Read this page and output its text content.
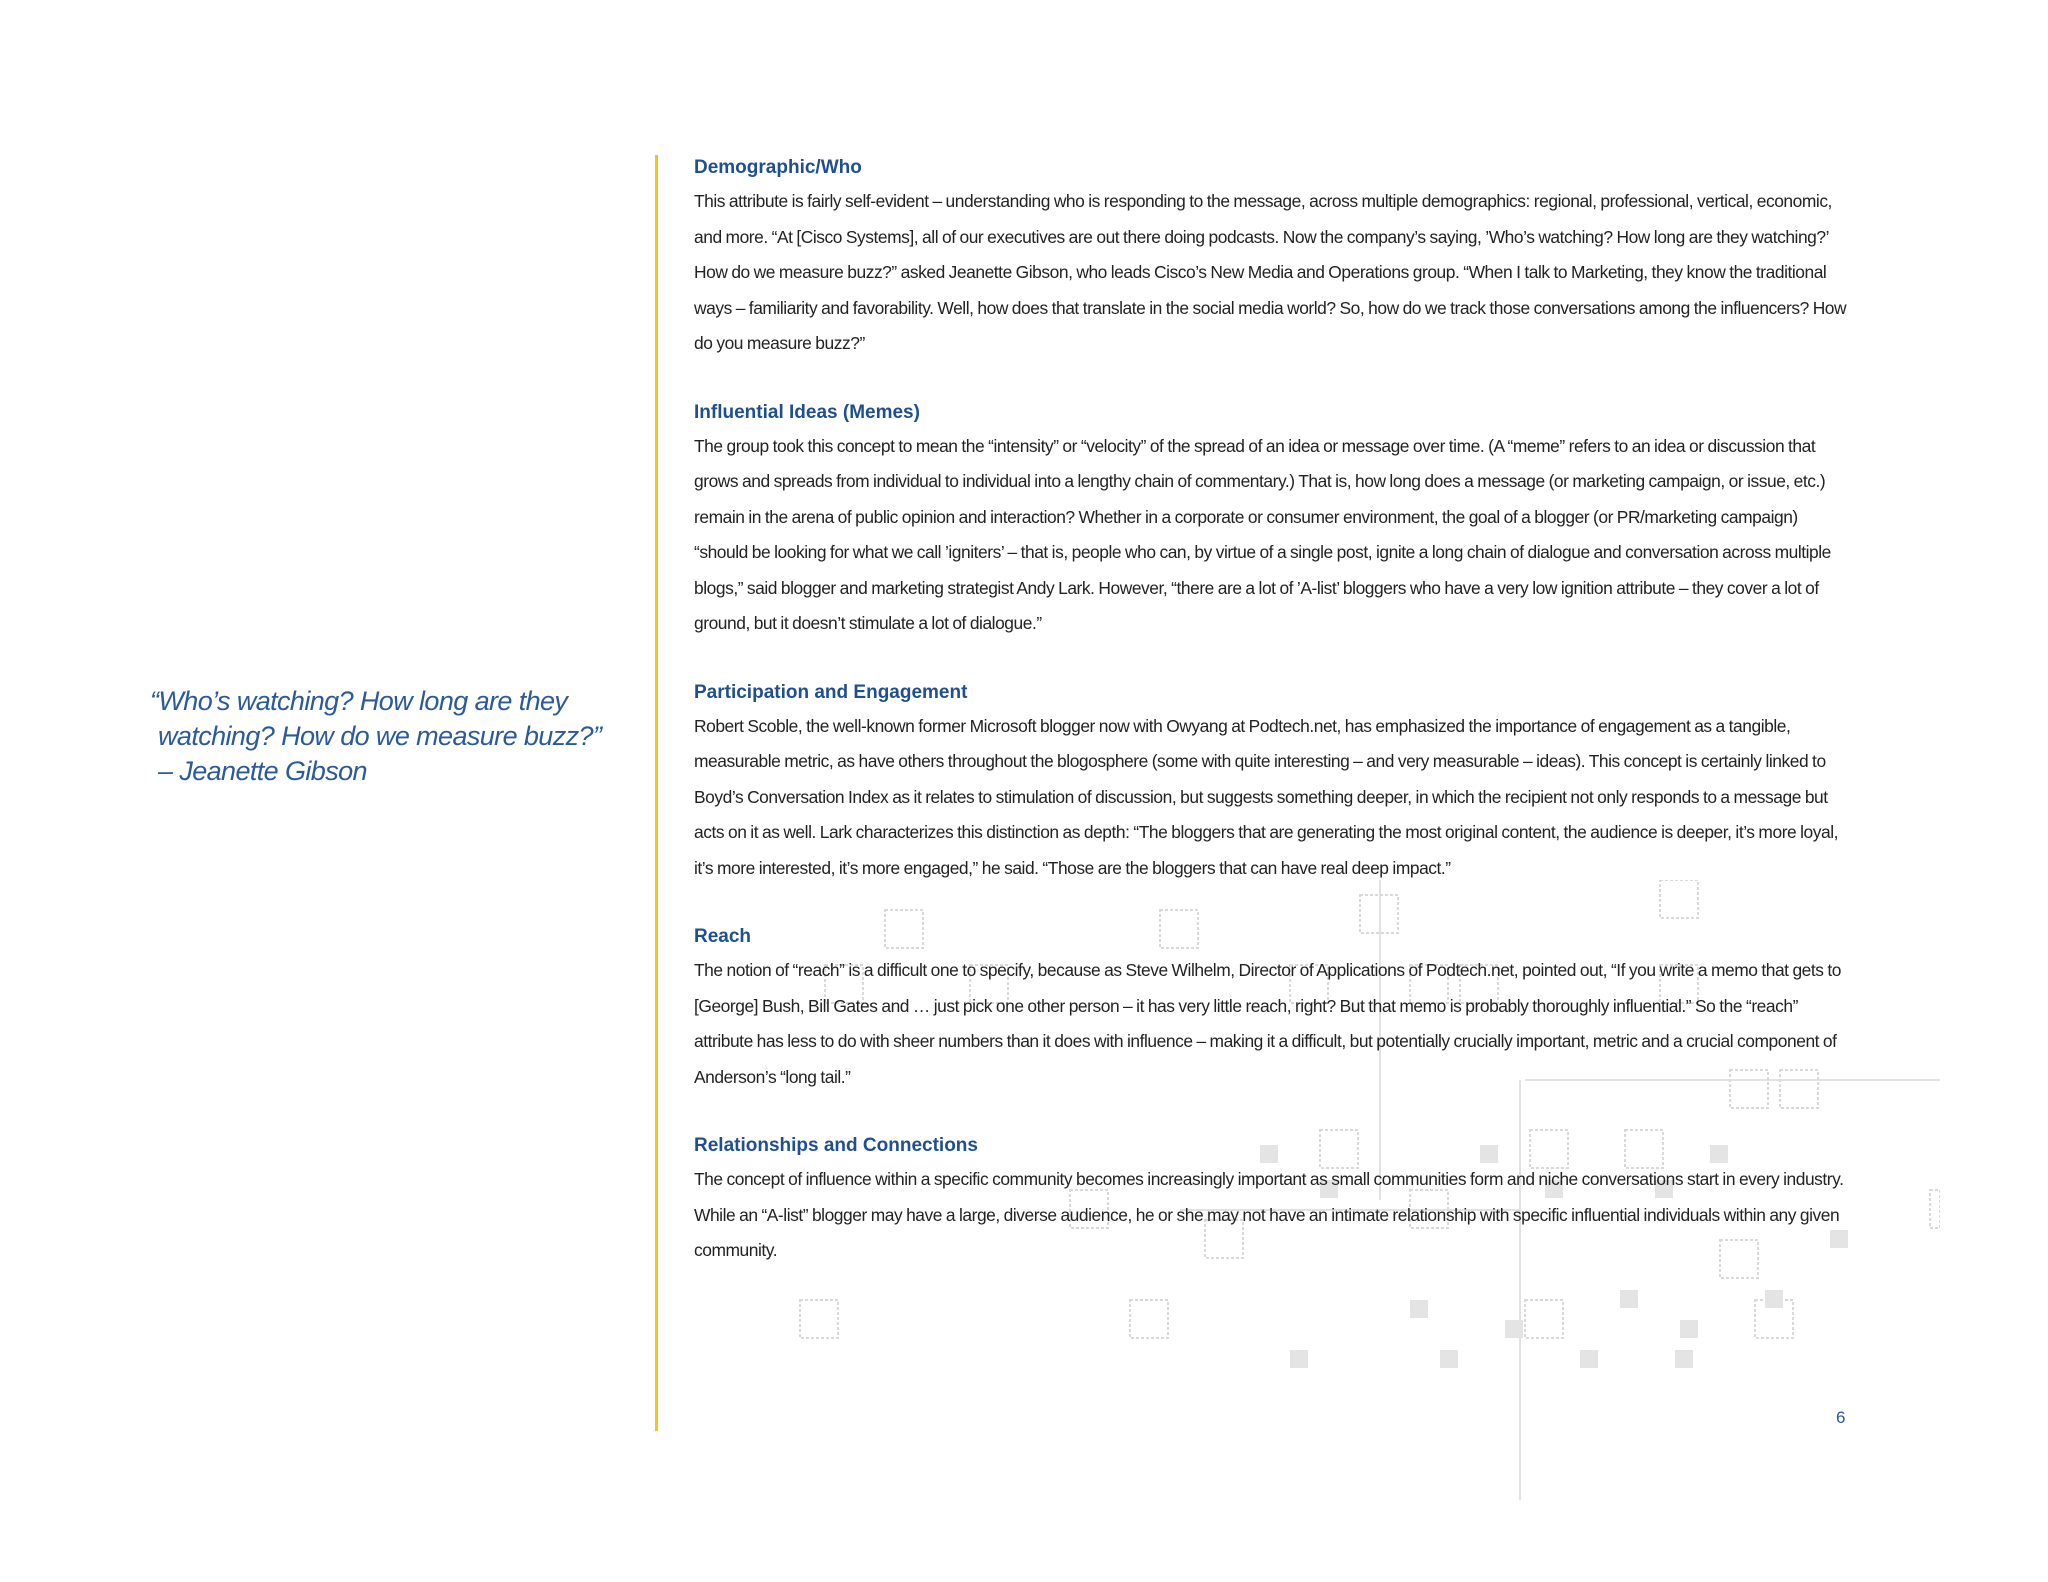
“Who’s watching? How long are they
watching? How do we measure buzz?”
– Jeanette Gibson
Demographic/Who

This attribute is fairly self-evident – understanding who is responding to the message, across multiple demographics: regional, professional, vertical, economic, and more. “At [Cisco Systems], all of our executives are out there doing podcasts. Now the company’s saying, ’Who’s watching? How long are they watching?’ How do we measure buzz?” asked Jeanette Gibson, who leads Cisco’s New Media and Operations group. “When I talk to Marketing, they know the traditional ways – familiarity and favorability. Well, how does that translate in the social media world? So, how do we track those conversations among the influencers? How do you measure buzz?”

Influential Ideas (Memes)

The group took this concept to mean the “intensity” or “velocity” of the spread of an idea or message over time. (A “meme” refers to an idea or discussion that grows and spreads from individual to individual into a lengthy chain of commentary.) That is, how long does a message (or marketing campaign, or issue, etc.) remain in the arena of public opinion and interaction? Whether in a corporate or consumer environment, the goal of a blogger (or PR/marketing campaign) “should be looking for what we call ’igniters’ – that is, people who can, by virtue of a single post, ignite a long chain of dialogue and conversation across multiple blogs,” said blogger and marketing strategist Andy Lark. However, “there are a lot of ’A-list’ bloggers who have a very low ignition attribute – they cover a lot of ground, but it doesn’t stimulate a lot of dialogue.”

Participation and Engagement

Robert Scoble, the well-known former Microsoft blogger now with Owyang at Podtech.net, has emphasized the importance of engagement as a tangible, measurable metric, as have others throughout the blogosphere (some with quite interesting – and very measurable – ideas). This concept is certainly linked to Boyd’s Conversation Index as it relates to stimulation of discussion, but suggests something deeper, in which the recipient not only responds to a message but acts on it as well. Lark characterizes this distinction as depth: “The bloggers that are generating the most original content, the audience is deeper, it’s more loyal, it’s more interested, it’s more engaged,” he said. “Those are the bloggers that can have real deep impact.”

Reach

The notion of “reach” is a difficult one to specify, because as Steve Wilhelm, Director of Applications of Podtech.net, pointed out, “If you write a memo that gets to [George] Bush, Bill Gates and … just pick one other person – it has very little reach, right? But that memo is probably thoroughly influential.” So the “reach” attribute has less to do with sheer numbers than it does with influence – making it a difficult, but potentially crucially important, metric and a crucial component of Anderson’s “long tail.”

Relationships and Connections

The concept of influence within a specific community becomes increasingly important as small communities form and niche conversations start in every industry. While an “A-list” blogger may have a large, diverse audience, he or she may not have an intimate relationship with specific influential individuals within any given community.

6
